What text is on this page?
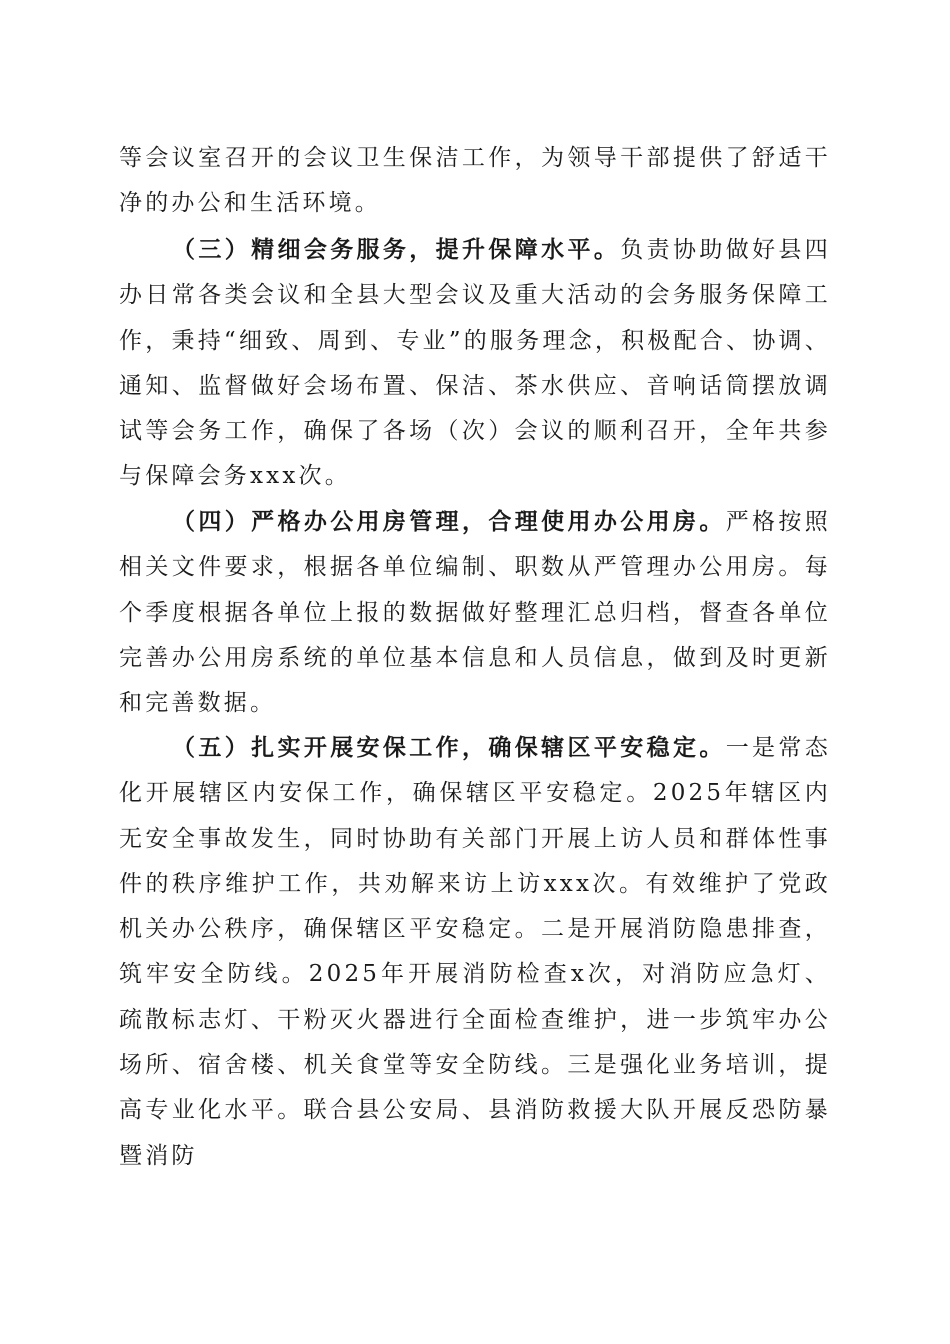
等会议室召开的会议卫生保洁工作，为领导干部提供了舒适干净的办公和生活环境。

（三）精细会务服务，提升保障水平。负责协助做好县四办日常各类会议和全县大型会议及重大活动的会务服务保障工作，秉持“细致、周到、专业”的服务理念，积极配合、协调、通知、监督做好会场布置、保洁、茶水供应、音响话筒摆放调试等会务工作，确保了各场（次）会议的顺利召开，全年共参与保障会务xxx次。

（四）严格办公用房管理，合理使用办公用房。严格按照相关文件要求，根据各单位编制、职数从严管理办公用房。每个季度根据各单位上报的数据做好整理汇总归档，督查各单位完善办公用房系统的单位基本信息和人员信息，做到及时更新和完善数据。

（五）扎实开展安保工作，确保辖区平安稳定。一是常态化开展辖区内安保工作，确保辖区平安稳定。2025年辖区内无安全事故发生，同时协助有关部门开展上访人员和群体性事件的秩序维护工作，共劝解来访上访xxx次。有效维护了党政机关办公秩序，确保辖区平安稳定。二是开展消防隐患排查，筑牢安全防线。2025年开展消防检查x次，对消防应急灯、疏散标志灯、干粉灭火器进行全面检查维护，进一步筑牢办公场所、宿舍楼、机关食堂等安全防线。三是强化业务培训，提高专业化水平。联合县公安局、县消防救援大队开展反恐防暴暨消防
